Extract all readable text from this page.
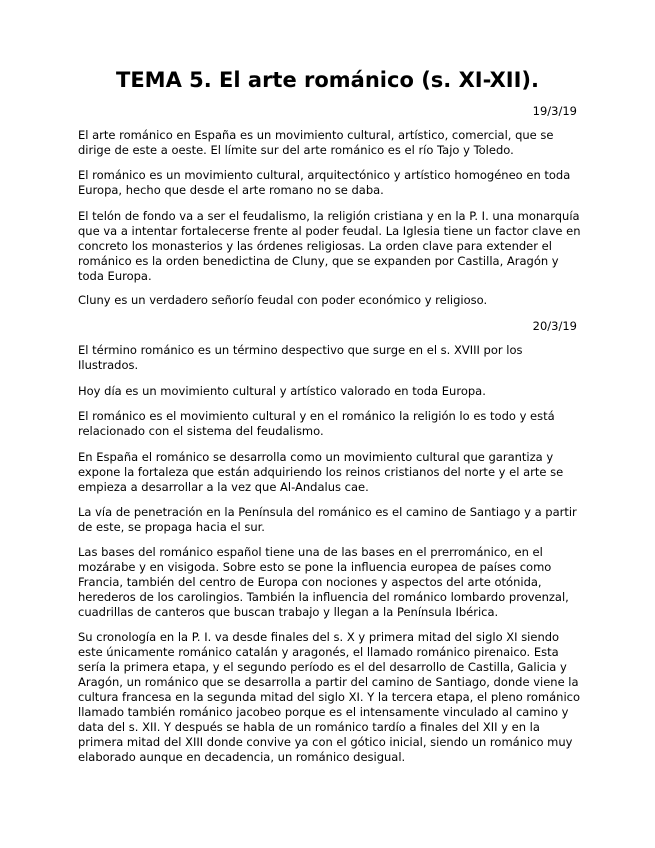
TEMA 5. El arte románico (s. XI-XII).
19/3/19

El arte románico en España es un movimiento cultural, artístico, comercial, que se dirige de este a oeste. El límite sur del arte románico es el río Tajo y Toledo.

El románico es un movimiento cultural, arquitectónico y artístico homogéneo en toda Europa, hecho que desde el arte romano no se daba.

El telón de fondo va a ser el feudalismo, la religión cristiana y en la P. I. una monarquía que va a intentar fortalecerse frente al poder feudal. La Iglesia tiene un factor clave en concreto los monasterios y las órdenes religiosas. La orden clave para extender el románico es la orden benedictina de Cluny, que se expanden por Castilla, Aragón y toda Europa.

Cluny es un verdadero señorío feudal con poder económico y religioso.

20/3/19

El término románico es un término despectivo que surge en el s. XVIII por los Ilustrados.

Hoy día es un movimiento cultural y artístico valorado en toda Europa.

El románico es el movimiento cultural y en el románico la religión lo es todo y está relacionado con el sistema del feudalismo.

En España el románico se desarrolla como un movimiento cultural que garantiza y expone la fortaleza que están adquiriendo los reinos cristianos del norte y el arte se empieza a desarrollar a la vez que Al-Andalus cae.

La vía de penetración en la Península del románico es el camino de Santiago y a partir de este, se propaga hacia el sur.

Las bases del románico español tiene una de las bases en el prerrománico, en el mozárabe y en visigoda. Sobre esto se pone la influencia europea de países como Francia, también del centro de Europa con nociones y aspectos del arte otónida, herederos de los carolingios. También la influencia del románico lombardo provenzal, cuadrillas de canteros que buscan trabajo y llegan a la Península Ibérica.

Su cronología en la P. I. va desde finales del s. X y primera mitad del siglo XI siendo este únicamente románico catalán y aragonés, el llamado románico pirenaico. Esta sería la primera etapa, y el segundo período es el del desarrollo de Castilla, Galicia y Aragón, un románico que se desarrolla a partir del camino de Santiago, donde viene la cultura francesa en la segunda mitad del siglo XI. Y la tercera etapa, el pleno románico llamado también románico jacobeo porque es el intensamente vinculado al camino y data del s. XII. Y después se habla de un románico tardío a finales del XII y en la primera mitad del XIII donde convive ya con el gótico inicial, siendo un románico muy elaborado aunque en decadencia, un románico desigual.
